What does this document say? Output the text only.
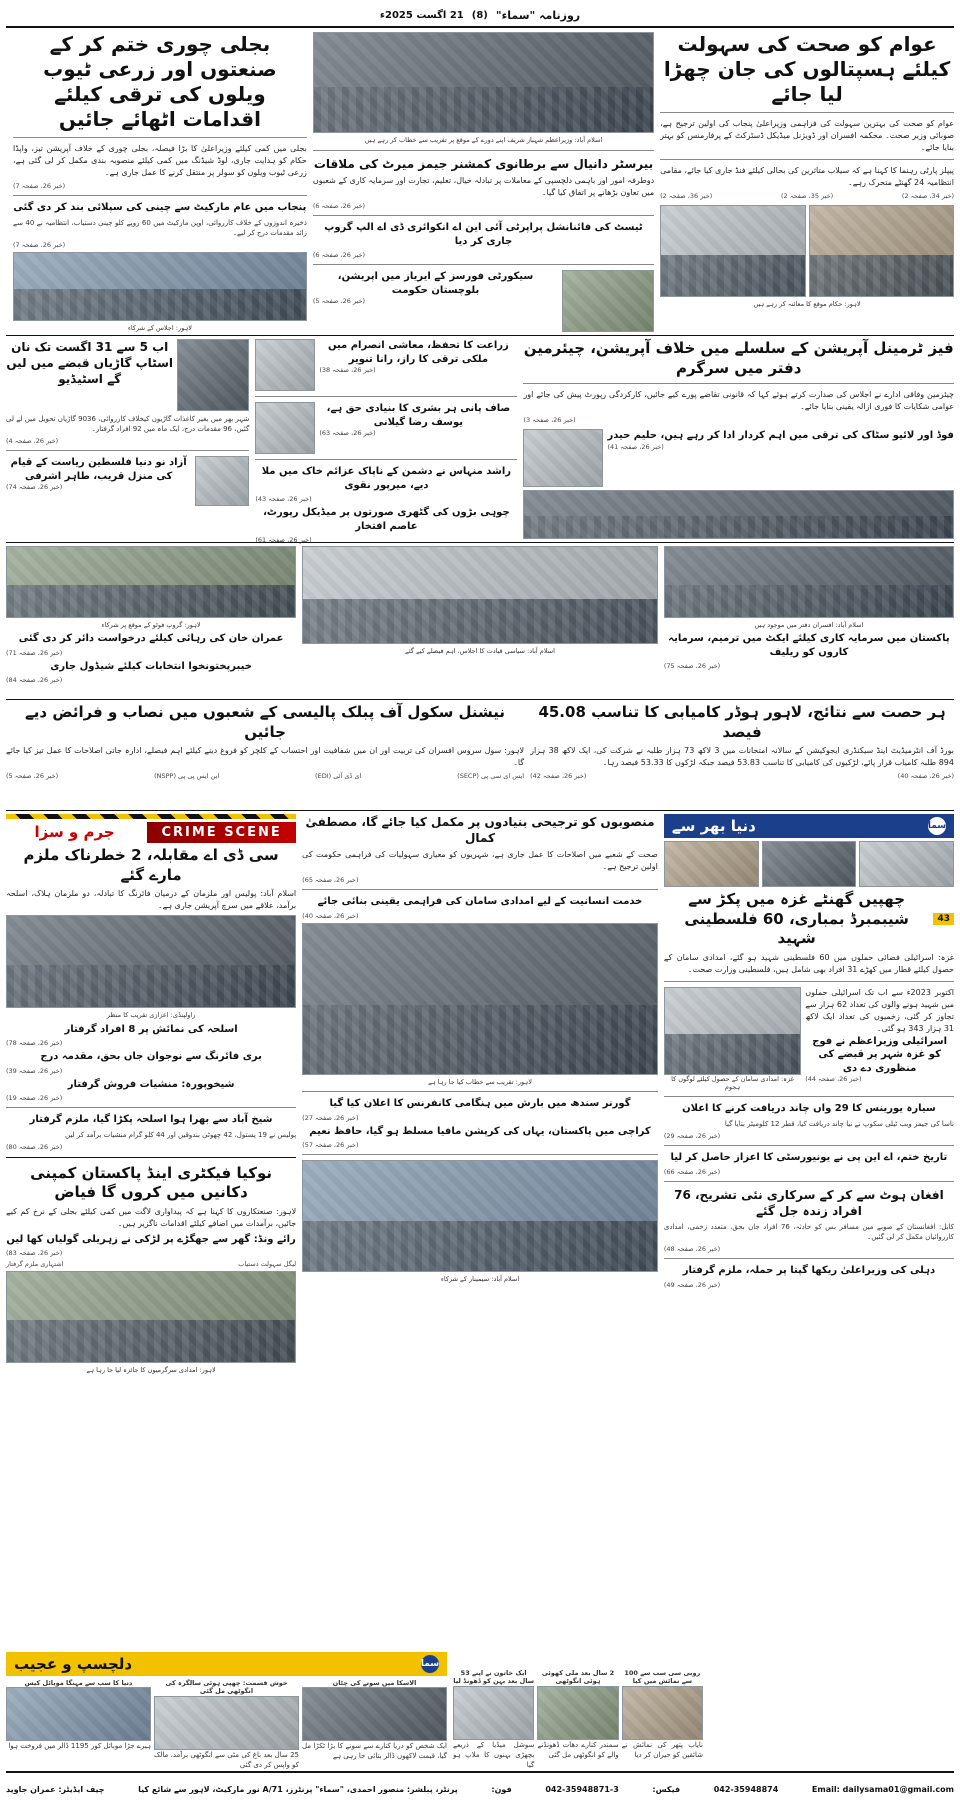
روزنامہ "سماء"
(8)
21 اگست 2025ء
عوام کو صحت کی سہولت کیلئے ہسپتالوں کی جان چھڑا لیا جائے
عوام کو صحت کی بہترین سہولت کی فراہمی وزیراعلیٰ پنجاب کی اولین ترجیح ہے، صوبائی وزیر صحت۔ محکمہ افسران اور ڈویژنل میڈیکل ڈسٹرکٹ کے پرفارمنس کو بہتر بنایا جائے۔
پیپلز پارٹی رہنما کا کہنا ہے کہ سیلاب متاثرین کی بحالی کیلئے فنڈ جاری کیا جائے، مقامی انتظامیہ 24 گھنٹے متحرک رہے۔
(خبر 34، صفحہ 2)
(خبر 35، صفحہ 2)
(خبر 36، صفحہ 2)
لاہور: حکام موقع کا معائنہ کر رہے ہیں
اسلام آباد: وزیراعظم شہباز شریف اپنے دورے کے موقع پر تقریب سے خطاب کر رہے ہیں
بیرسٹر دانیال سے برطانوی کمشنر جیمز میرٹ کی ملاقات
دوطرفہ امور اور باہمی دلچسپی کے معاملات پر تبادلہ خیال، تعلیم، تجارت اور سرمایہ کاری کے شعبوں میں تعاون بڑھانے پر اتفاق کیا گیا۔
(خبر 26، صفحہ 6)
ٹیسٹ کی فائنانشل پراپرٹی آئی این اے انکوائری ڈی اے الپ گروپ جاری کر دیا
(خبر 26، صفحہ 6)
سیکورٹی فورسز کے ایریاز میں اپریشن، بلوچستان حکومت
(خبر 26، صفحہ 5)
بجلی چوری ختم کر کے صنعتوں اور زرعی ٹیوب ویلوں کی ترقی کیلئے اقدامات اٹھائے جائیں
بجلی میں کمی کیلئے وزیراعلیٰ کا بڑا فیصلہ، بجلی چوری کے خلاف آپریشن تیز، واپڈا حکام کو ہدایت جاری، لوڈ شیڈنگ میں کمی کیلئے منصوبہ بندی مکمل کر لی گئی ہے، زرعی ٹیوب ویلوں کو سولر پر منتقل کرنے کا عمل جاری ہے۔
(خبر 26، صفحہ 7)
پنجاب میں عام مارکیٹ سے چینی کی سپلائی بند کر دی گئی
ذخیرہ اندوزوں کے خلاف کارروائی، اوپن مارکیٹ میں 60 روپے کلو چینی دستیاب، انتظامیہ نے 40 سے زائد مقدمات درج کر لیے۔
(خبر 26، صفحہ 7)
لاہور: اجلاس کے شرکاء
فیز ٹرمینل آپریشن کے سلسلے میں خلاف آپریشن، چیئرمین دفتر میں سرگرم
چیئرمین وفاقی ادارے نے اجلاس کی صدارت کرتے ہوئے کہا کہ قانونی تقاضے پورے کیے جائیں، کارکردگی رپورٹ پیش کی جائے اور عوامی شکایات کا فوری ازالہ یقینی بنایا جائے۔
(خبر 26، صفحہ 3)
فوڈ اور لائیو سٹاک کی ترقی میں اہم کردار ادا کر رہے ہیں، حلیم حیدر
(خبر 26، صفحہ 41)
زراعت کا تحفظ، معاشی انصرام میں ملکی ترقی کا راز، رانا تنویر
(خبر 26، صفحہ 38)
صاف پانی ہر بشری کا بنیادی حق ہے، یوسف رضا گیلانی
(خبر 26، صفحہ 63)
راشد منہاس نے دشمن کے ناپاک عزائم خاک میں ملا دیے، میرپور نقوی
(خبر 26، صفحہ 43)
چوہی بڑوں کی گٹھری صورتوں پر میڈیکل رپورٹ، عاصم افتخار
(خبر 26، صفحہ 61)
اب 5 سے 31 اگست تک نان اسٹاپ گاڑیاں قبضے میں لیں گے اسٹیڈیو
شہر بھر میں بغیر کاغذات گاڑیوں کیخلاف کارروائی، 9036 گاڑیاں تحویل میں لے لی گئیں، 96 مقدمات درج، ایک ماہ میں 92 افراد گرفتار۔
(خبر 26، صفحہ 4)
آزاد نو دنیا فلسطین ریاست کے قیام کی منزل قریب، طاہر اشرفی
(خبر 26، صفحہ 74)
اسلام آباد: افسران دفتر میں موجود ہیں
پاکستان میں سرمایہ کاری کیلئے ایکٹ میں ترمیم، سرمایہ کاروں کو ریلیف
(خبر 26، صفحہ 75)
اسلام آباد: سیاسی قیادت کا اجلاس، اہم فیصلے کیے گئے
لاہور: گروپ فوٹو کے موقع پر شرکاء
عمران خان کی رہائی کیلئے درخواست دائر کر دی گئی
(خبر 26، صفحہ 71)
خیبرپختونخوا انتخابات کیلئے شیڈول جاری
(خبر 26، صفحہ 84)
ہر حصت سے نتائج، لاہور ہوڈر کامیابی کا تناسب 45.08 فیصد
بورڈ آف انٹرمیڈیٹ اینڈ سیکنڈری ایجوکیشن کے سالانہ امتحانات میں 3 لاکھ 73 ہزار طلبہ نے شرکت کی، ایک لاکھ 38 ہزار 894 طلبہ کامیاب قرار پائے، لڑکیوں کی کامیابی کا تناسب 53.83 فیصد جبکہ لڑکوں کا 53.33 فیصد رہا۔
(خبر 26، صفحہ 40)
(خبر 26، صفحہ 42)
نیشنل سکول آف پبلک پالیسی کے شعبوں میں نصاب و فرائض دیے جائیں
لاہور: سول سروس افسران کی تربیت اور ان میں شفافیت اور احتساب کے کلچر کو فروغ دینے کیلئے اہم فیصلے، ادارہ جاتی اصلاحات کا عمل تیز کیا جائے گا۔
ایس ای سی پی (SECP)
ای ڈی آئی (EDI)
این ایس پی پی (NSPP)
(خبر 26، صفحہ 5)
سما
دنیا بھر سے
43
چھپیں گھنٹے غزہ میں پکڑ سے شیبمبرڈ بمباری، 60 فلسطینی شہید
غزہ: اسرائیلی فضائی حملوں میں 60 فلسطینی شہید ہو گئے، امدادی سامان کے حصول کیلئے قطار میں کھڑے 31 افراد بھی شامل ہیں، فلسطینی وزارت صحت۔
اکتوبر 2023ء سے اب تک اسرائیلی حملوں میں شہید ہونے والوں کی تعداد 62 ہزار سے تجاوز کر گئی، زخمیوں کی تعداد ایک لاکھ 31 ہزار 343 ہو گئی۔
اسرائیلی وزیراعظم نے فوج کو غزہ شہر پر قبضے کی منظوری دے دی
(خبر 26، صفحہ 44)
غزہ: امدادی سامان کے حصول کیلئے لوگوں کا ہجوم
سیارہ یورینس کا 29 واں چاند دریافت کرنے کا اعلان
ناسا کی جیمز ویب ٹیلی سکوپ نے نیا چاند دریافت کیا، قطر 12 کلومیٹر بتایا گیا
(خبر 26، صفحہ 29)
تاریخ ختم، اے این پی نے یونیورسٹی کا اعزاز حاصل کر لیا
(خبر 26، صفحہ 66)
افغان ہوٹ سے کر کے سرکاری نئی تشریح، 76 افراد زندہ جل گئے
کابل: افغانستان کے صوبے میں مسافر بس کو حادثہ، 76 افراد جاں بحق، متعدد زخمی، امدادی کارروائیاں مکمل کر لی گئیں۔
(خبر 26، صفحہ 48)
دہلی کی وزیراعلیٰ ریکھا گپتا پر حملہ، ملزم گرفتار
(خبر 26، صفحہ 49)
منصوبوں کو ترجیحی بنیادوں پر مکمل کیا جائے گا، مصطفیٰ کمال
صحت کے شعبے میں اصلاحات کا عمل جاری ہے، شہریوں کو معیاری سہولیات کی فراہمی حکومت کی اولین ترجیح ہے۔
(خبر 26، صفحہ 65)
خدمت انسانیت کے لیے امدادی سامان کی فراہمی یقینی بنائی جائے
(خبر 26، صفحہ 40)
لاہور: تقریب سے خطاب کیا جا رہا ہے
گورنر سندھ میں بارش میں ہنگامی کانفرنس کا اعلان کیا گیا
(خبر 26، صفحہ 27)
کراچی میں پاکستان، یہاں کی کرپشن مافیا مسلط ہو گیا، حافظ نعیم
(خبر 26، صفحہ 57)
اسلام آباد: سیمینار کے شرکاء
CRIME SCENE
جرم و سزا
سی ڈی اے مقابلہ، 2 خطرناک ملزم مارے گئے
اسلام آباد: پولیس اور ملزمان کے درمیان فائرنگ کا تبادلہ، دو ملزمان ہلاک، اسلحہ برآمد، علاقے میں سرچ آپریشن جاری ہے۔
راولپنڈی: اعزازی تقریب کا منظر
اسلحہ کی نمائش پر 8 افراد گرفتار
(خبر 26، صفحہ 78)
بری فائرنگ سے نوجوان جاں بحق، مقدمہ درج
(خبر 26، صفحہ 39)
شیخوپورہ: منشیات فروش گرفتار
(خبر 26، صفحہ 19)
شیخ آباد سے بھرا ہوا اسلحہ پکڑا گیا، ملزم گرفتار
پولیس نے 19 پستول، 42 چھوٹی بندوقیں اور 44 کلو گرام منشیات برآمد کر لیں
(خبر 26، صفحہ 80)
نوکیا فیکٹری اینڈ پاکستان کمپنی دکانیں میں کروں گا فیاض
لاہور: صنعتکاروں کا کہنا ہے کہ پیداواری لاگت میں کمی کیلئے بجلی کے نرخ کم کیے جائیں، برآمدات میں اضافے کیلئے اقدامات ناگزیر ہیں۔
رائے ونڈ: گھر سے جھگڑے پر لڑکی نے زہریلی گولیاں کھا لیں
(خبر 26، صفحہ 83)
لیگل سہولت دستیاب
اشتہاری ملزم گرفتار
لاہور: امدادی سرگرمیوں کا جائزہ لیا جا رہا ہے
سما
دلچسپ و عجیب
الاسکا میں سونے کی چٹان
ایک شخص کو دریا کنارے سے سونے کا بڑا ٹکڑا مل گیا، قیمت لاکھوں ڈالر بتائی جا رہی ہے
خوش قسمت: چھپی ہوئی سالگرہ کی انگوٹھی مل گئی
25 سال بعد باغ کی مٹی سے انگوٹھی برآمد، مالک کو واپس کر دی گئی
دنیا کا سب سے مہنگا موبائل کیس
ہیرے جڑا موبائل کور 1195 ڈالر میں فروخت ہوا
روبی سی سب سے 100 سے نمائش میں کیا
نایاب پتھر کی نمائش نے شائقین کو حیران کر دیا
2 سال بعد ملی کھوئی ہوئی انگوٹھی
سمندر کنارے دھات ڈھونڈنے والے کو انگوٹھی مل گئی
ایک خاتون نے اپنے 53 سال بعد بہن کو ڈھونڈ لیا
سوشل میڈیا کے ذریعے بچھڑی بہنوں کا ملاپ ہو گیا
Email: dailysama01@gmail.com
042-35948874
فیکس:
042-35948871-3
فون:
پرنٹر، پبلشر: منصور احمدی، "سماء" پرنٹرز، 71/A نور مارکیٹ، لاہور سے شائع کیا
چیف ایڈیٹر: عمران جاوید
